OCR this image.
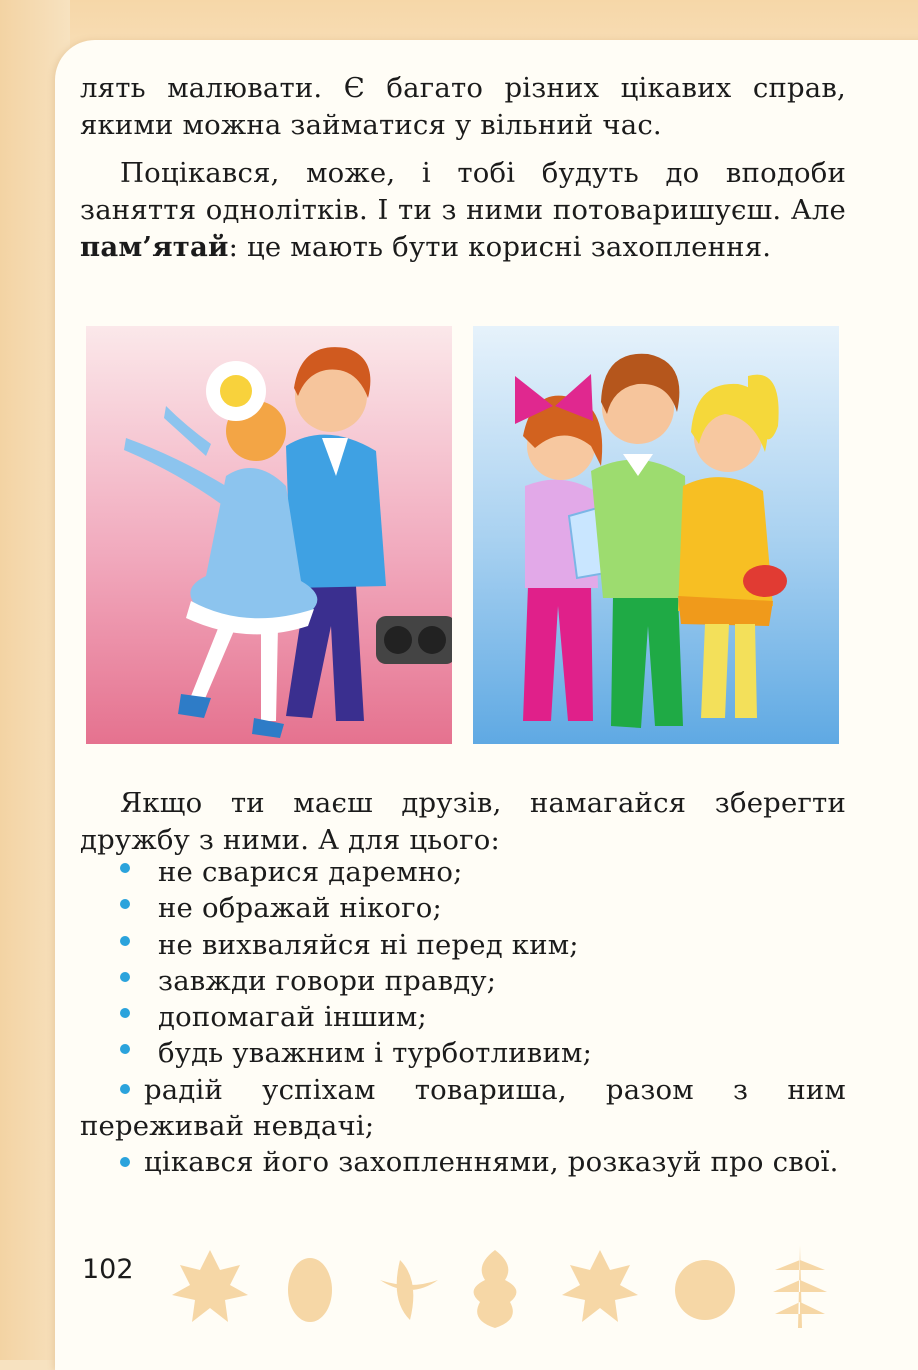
лять малювати. Є багато різних цікавих справ, якими можна займатися у вільний час.

Поцікався, може, і тобі будуть до вподоби заняття однолітків. І ти з ними потоваришуєш. Але пам’ятай: це мають бути корисні захоплення.

Якщо ти маєш друзів, намагайся зберегти дружбу з ними. А для цього:

не сварися даремно;
не ображай нікого;
не вихваляйся ні перед ким;
завжди говори правду;
допомагай іншим;
будь уважним і турботливим;
радій успіхам товариша, разом з ним переживай невдачі;
цікався його захопленнями, розказуй про свої.
102
